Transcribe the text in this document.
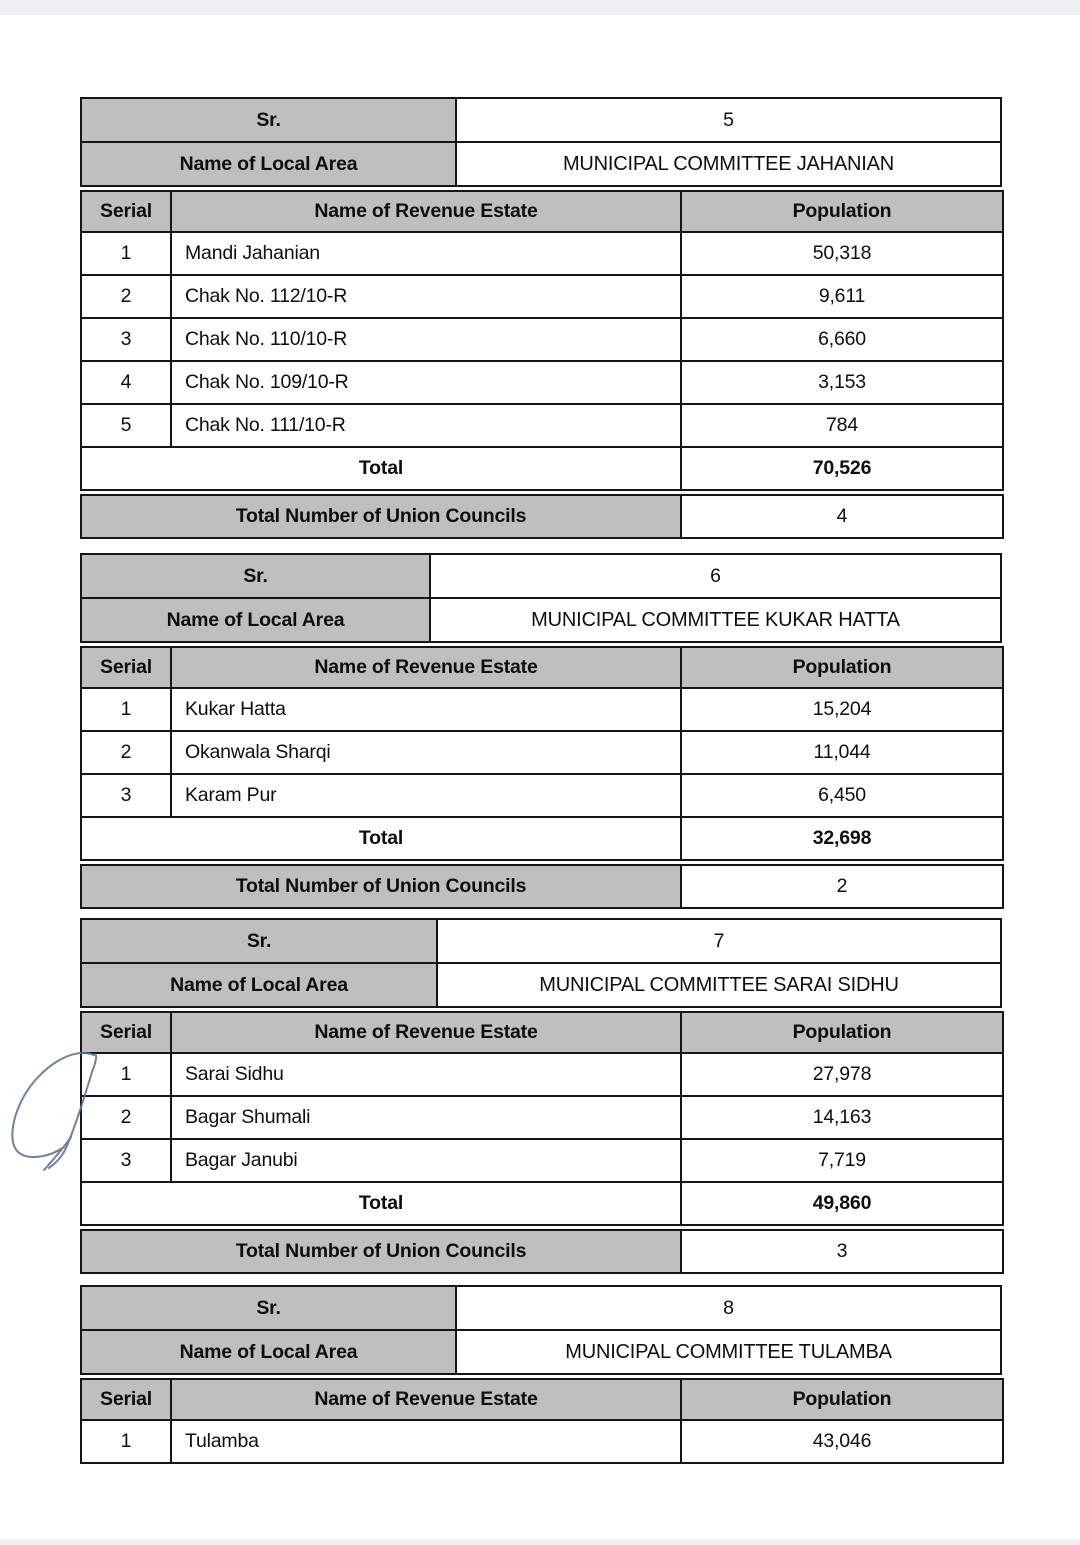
Sr.	5
Name of Local Area	MUNICIPAL COMMITTEE JAHANIAN
Serial	Name of Revenue Estate	Population
1	Mandi Jahanian	50,318
2	Chak No. 112/10-R	9,611
3	Chak No. 110/10-R	6,660
4	Chak No. 109/10-R	3,153
5	Chak No. 111/10-R	784
Total		70,526
Total Number of Union Councils	4
Sr.	6
Name of Local Area	MUNICIPAL COMMITTEE KUKAR HATTA
Serial	Name of Revenue Estate	Population
1	Kukar Hatta	15,204
2	Okanwala Sharqi	11,044
3	Karam Pur	6,450
Total		32,698
Total Number of Union Councils	2
Sr.	7
Name of Local Area	MUNICIPAL COMMITTEE SARAI SIDHU
Serial	Name of Revenue Estate	Population
1	Sarai Sidhu	27,978
2	Bagar Shumali	14,163
3	Bagar Janubi	7,719
Total		49,860
Total Number of Union Councils	3
Sr.	8
Name of Local Area	MUNICIPAL COMMITTEE TULAMBA
Serial	Name of Revenue Estate	Population
1	Tulamba	43,046
